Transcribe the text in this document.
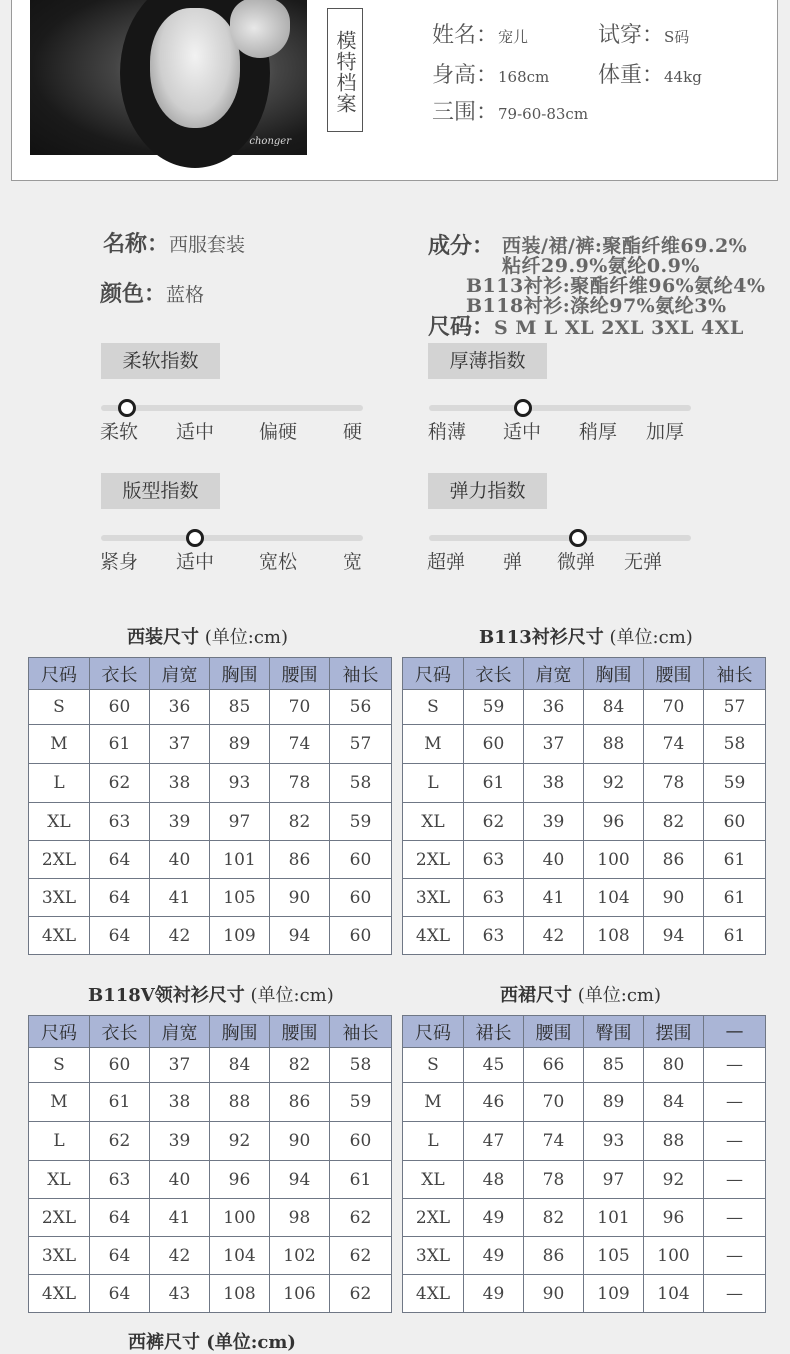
chonger
模特档案	姓名：宠儿	试穿：S码
身高：168cm 体重：44kg
三围：79-60-83cm
名称：西服套装
颜色：蓝格
成分： 西装/裙/裤:聚酯纤维69.2%
粘纤29.9%氨纶0.9%
B113衬衫:聚酯纤维96%氨纶4%
B118衬衫:涤纶97%氨纶3%
尺码：S M L XL 2XL 3XL 4XL
柔软指数
柔软 适中 偏硬 硬
厚薄指数
稍薄 适中 稍厚 加厚
版型指数
紧身 适中 宽松 宽
弹力指数
超弹 弹 微弹 无弹
西装尺寸 (单位:cm)
尺码	衣长	肩宽	胸围	腰围	袖长
S	60	36	85	70	56
M	61	37	89	74	57
L	62	38	93	78	58
XL	63	39	97	82	59
2XL	64	40	101	86	60
3XL	64	41	105	90	60
4XL	64	42	109	94	60
B113衬衫尺寸 (单位:cm)
尺码	衣长	肩宽	胸围	腰围	袖长
S	59	36	84	70	57
M	60	37	88	74	58
L	61	38	92	78	59
XL	62	39	96	82	60
2XL	63	40	100	86	61
3XL	63	41	104	90	61
4XL	63	42	108	94	61
B118V领衬衫尺寸 (单位:cm)
尺码	衣长	肩宽	胸围	腰围	袖长
S	60	37	84	82	58
M	61	38	88	86	59
L	62	39	92	90	60
XL	63	40	96	94	61
2XL	64	41	100	98	62
3XL	64	42	104	102	62
4XL	64	43	108	106	62
西裙尺寸 (单位:cm)
尺码	裙长	腰围	臀围	摆围	—
S	45	66	85	80	—
M	46	70	89	84	—
L	47	74	93	88	—
XL	48	78	97	92	—
2XL	49	82	101	96	—
3XL	49	86	105	100	—
4XL	49	90	109	104	—
西裤尺寸 (单位:cm)
